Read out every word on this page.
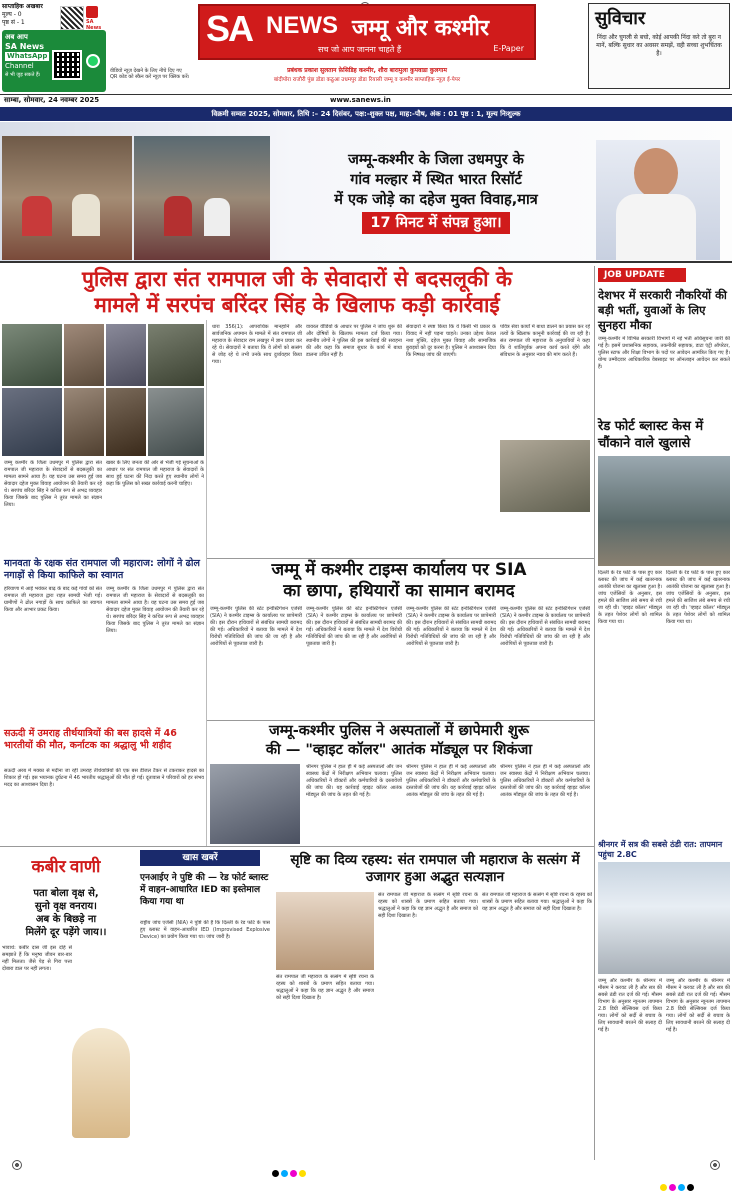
साप्ताहिक अखबार
मूल्य - 0
पृष्ठ सं - 1
अब आप
SA News
WhatsApp
Channel
से भी जुड़ सकते हैं।
SA News
वीडियो न्यूज़ देखने के लिए नीचे दिए गए QR कोड को स्कैन करें न्यूज़ पर क्लिक करें।
SA NEWS जम्मू और कश्मीर
सच जो आप जानना चाहते हैं	E-Paper
प्रबंधक प्रकाश सुलतान फ़ेसिडिह कश्मीर, शौरा बारामुला कुपवाडा कुलगाम
बांदीपोरा राजौरी पुंछ डोडा कठुआ उधमपुर डोडा रियासी जम्मू व कश्मीर साप्ताहिक न्यूज़ ई-पेपर
सुविचार
निंदा और चुगली से बचो, कोई आपकी निंदा करे तो बुरा न मानें, बल्कि सुधार का अवसर समझें, वही सच्चा शुभचिंतक है।
साम्बा, सोमवार, 24 नवम्बर 2025	www.sanews.in
विक्रमी सम्वत 2025, सोमवार, तिथि :– 24 दिसंबर, पक्ष:-शुक्ल पक्ष, माह:-पौष, अंक : 01 पृष्ठ : 1, मूल्य निःशुल्क
जम्मू-कश्मीर के जिला उधमपुर के
गांव मल्हार में स्थित भारत रिसॉर्ट
में एक जोड़े का दहेज मुक्त विवाह,मात्र
17 मिनट में संपन्न हुआ।
पुलिस द्वारा संत रामपाल जी के सेवादारों से बदसलूकी के
मामले में सरपंच बरिंदर सिंह के खिलाफ कड़ी कार्रवाई
जम्मू कश्मीर के जिला उधमपुर में पुलिस द्वारा संत रामपाल जी महाराज के सेवादारों से बदसलूकी का मामला सामने आया है। यह घटना उस समय हुई जब सेवादार दहेज मुक्त विवाह आयोजन की तैयारी कर रहे थे। सरपंच बरिंदर सिंह ने कथित रूप से अभद्र व्यवहार किया जिसके बाद पुलिस ने तुरंत मामले का संज्ञान लिया।
खबर के लिए जनता की ओर से भेजी गई सूचनाओं के आधार पर संत रामपाल जी महाराज के सेवादारों के साथ हुई घटना की निंदा करते हुए स्थानीय लोगों ने कहा कि पुलिस को सख्त कार्रवाई करनी चाहिए।
धारा 356(1): आपराधिक मानहानि और सार्वजनिक अपमान के मामले में संत रामपाल जी महाराज के सेवादार राम लखपुर में ज्ञान प्रचार कर रहे थे। सेवादारों ने बताया कि वे लोगों को सत्संग से जोड़ रहे थे तभी उनके साथ दुर्व्यवहार किया गया।
वायरल वीडियो के आधार पर पुलिस ने जांच शुरू की और दोषियों के खिलाफ मामला दर्ज किया गया। स्थानीय लोगों ने पुलिस की इस कार्रवाई की सराहना की और कहा कि समाज सुधार के कार्य में बाधा डालना उचित नहीं है।
सेवादारों ने स्पष्ट किया कि वे किसी भी प्रकार के विवाद में नहीं पड़ना चाहते। उनका उद्देश्य केवल नशा मुक्ति, दहेज मुक्त विवाह और सामाजिक बुराइयों को दूर करना है। पुलिस ने आश्वासन दिया कि निष्पक्ष जांच की जाएगी।
पवित्र सेवा कार्यों में बाधा डालने का प्रयास कर रहे तत्वों के खिलाफ कानूनी कार्रवाई की जा रही है। संत रामपाल जी महाराज के अनुयायियों ने कहा कि वे शांतिपूर्वक अपना कार्य करते रहेंगे और संविधान के अनुसार न्याय की मांग करते हैं।
मानवता के रक्षक संत रामपाल जी महाराज: लोगों ने ढोल नगाड़ों से किया काफिले का स्वागत
हरियाणा में आई भयंकर बाढ़ के बाद कई गांवों को संत रामपाल जी महाराज द्वारा राहत सामग्री भेजी गई। ग्रामीणों ने ढोल नगाड़ों के साथ काफिले का स्वागत किया और आभार प्रकट किया।
जम्मू कश्मीर के जिला उधमपुर में पुलिस द्वारा संत रामपाल जी महाराज के सेवादारों से बदसलूकी का मामला सामने आया है। यह घटना उस समय हुई जब सेवादार दहेज मुक्त विवाह आयोजन की तैयारी कर रहे थे। सरपंच बरिंदर सिंह ने कथित रूप से अभद्र व्यवहार किया जिसके बाद पुलिस ने तुरंत मामले का संज्ञान लिया।
जम्मू में कश्मीर टाइम्स कार्यालय पर SIA
का छापा, हथियारों का सामान बरामद
जम्मू-कश्मीर पुलिस की स्टेट इन्वेस्टिगेशन एजेंसी (SIA) ने कश्मीर टाइम्स के कार्यालय पर छापेमारी की। इस दौरान हथियारों से संबंधित सामग्री बरामद की गई। अधिकारियों ने बताया कि मामले में देश विरोधी गतिविधियों की जांच की जा रही है और आरोपियों से पूछताछ जारी है।
जम्मू-कश्मीर पुलिस की स्टेट इन्वेस्टिगेशन एजेंसी (SIA) ने कश्मीर टाइम्स के कार्यालय पर छापेमारी की। इस दौरान हथियारों से संबंधित सामग्री बरामद की गई। अधिकारियों ने बताया कि मामले में देश विरोधी गतिविधियों की जांच की जा रही है और आरोपियों से पूछताछ जारी है।
जम्मू-कश्मीर पुलिस की स्टेट इन्वेस्टिगेशन एजेंसी (SIA) ने कश्मीर टाइम्स के कार्यालय पर छापेमारी की। इस दौरान हथियारों से संबंधित सामग्री बरामद की गई। अधिकारियों ने बताया कि मामले में देश विरोधी गतिविधियों की जांच की जा रही है और आरोपियों से पूछताछ जारी है।
जम्मू-कश्मीर पुलिस की स्टेट इन्वेस्टिगेशन एजेंसी (SIA) ने कश्मीर टाइम्स के कार्यालय पर छापेमारी की। इस दौरान हथियारों से संबंधित सामग्री बरामद की गई। अधिकारियों ने बताया कि मामले में देश विरोधी गतिविधियों की जांच की जा रही है और आरोपियों से पूछताछ जारी है।
सऊदी में उमराह तीर्थयात्रियों की बस हादसे में 46 भारतीयों की मौत, कर्नाटक का श्रद्धालु भी शहीद
सऊदी अरब में मक्का से मदीना जा रही उमराह तीर्थयात्रियों की एक बस डीजल टैंकर से टकराकर हादसे का शिकार हो गई। इस भयानक दुर्घटना में 46 भारतीय श्रद्धालुओं की मौत हो गई। दूतावास ने परिवारों को हर संभव मदद का आश्वासन दिया है।
जम्मू-कश्मीर पुलिस ने अस्पतालों में छापेमारी शुरू
की — "व्हाइट कॉलर" आतंक मॉड्यूल पर शिकंजा
श्रीनगर पुलिस ने हाल ही में कई अस्पतालों और जन स्वास्थ्य केंद्रों में निरीक्षण अभियान चलाया। पुलिस अधिकारियों ने डॉक्टरों और कर्मचारियों के दस्तावेजों की जांच की। यह कार्रवाई व्हाइट कॉलर आतंक मॉड्यूल की जांच के तहत की गई है।
श्रीनगर पुलिस ने हाल ही में कई अस्पतालों और जन स्वास्थ्य केंद्रों में निरीक्षण अभियान चलाया। पुलिस अधिकारियों ने डॉक्टरों और कर्मचारियों के दस्तावेजों की जांच की। यह कार्रवाई व्हाइट कॉलर आतंक मॉड्यूल की जांच के तहत की गई है।
श्रीनगर पुलिस ने हाल ही में कई अस्पतालों और जन स्वास्थ्य केंद्रों में निरीक्षण अभियान चलाया। पुलिस अधिकारियों ने डॉक्टरों और कर्मचारियों के दस्तावेजों की जांच की। यह कार्रवाई व्हाइट कॉलर आतंक मॉड्यूल की जांच के तहत की गई है।
JOB UPDATE
देशभर में सरकारी नौकरियों की बड़ी भर्ती, युवाओं के लिए सुनहरा मौका
जम्मू-कश्मीर में विभिन्न सरकारी विभागों में नई भर्ती अधिसूचना जारी की गई है। इसमें प्रशासनिक सहायक, तकनीकी सहायक, डाटा एंट्री ऑपरेटर, पुलिस स्टाफ और शिक्षा विभाग के पदों पर आवेदन आमंत्रित किए गए हैं। योग्य उम्मीदवार आधिकारिक वेबसाइट पर ऑनलाइन आवेदन कर सकते हैं।
रेड फोर्ट ब्लास्ट केस में चौंकाने वाले खुलासे
दिल्ली के रेड फोर्ट के पास हुए कार ब्लास्ट की जांच में कई खतरनाक आतंकी योजना का खुलासा हुआ है। जांच एजेंसियों के अनुसार, इस हमले की साजिश लंबे समय से रची जा रही थी। 'व्हाइट कॉलर' मॉड्यूल के तहत पेशेवर लोगों को शामिल किया गया था।
दिल्ली के रेड फोर्ट के पास हुए कार ब्लास्ट की जांच में कई खतरनाक आतंकी योजना का खुलासा हुआ है। जांच एजेंसियों के अनुसार, इस हमले की साजिश लंबे समय से रची जा रही थी। 'व्हाइट कॉलर' मॉड्यूल के तहत पेशेवर लोगों को शामिल किया गया था।
श्रीनगर में सत्र की सबसे ठंडी रात: तापमान पहुंचा 2.8C
जम्मू और कश्मीर के श्रीनगर में मौसम ने करवट ली है और सत्र की सबसे ठंडी रात दर्ज की गई। मौसम विभाग के अनुसार न्यूनतम तापमान 2.8 डिग्री सेल्सियस दर्ज किया गया। लोगों को सर्दी से बचाव के लिए सावधानी बरतने की सलाह दी गई है।
जम्मू और कश्मीर के श्रीनगर में मौसम ने करवट ली है और सत्र की सबसे ठंडी रात दर्ज की गई। मौसम विभाग के अनुसार न्यूनतम तापमान 2.8 डिग्री सेल्सियस दर्ज किया गया। लोगों को सर्दी से बचाव के लिए सावधानी बरतने की सलाह दी गई है।
कबीर वाणी
पता बोला वृक्ष से,
सुनो वृक्ष वनराय।
अब के बिछड़े ना
मिलेंगे दूर पड़ेंगे जाय।।
भावार्थ: कबीर दास जी इस दोहे से समझाते हैं कि मनुष्य जीवन बार-बार नहीं मिलता। जैसे पेड़ से गिरा पत्ता दोबारा डाल पर नहीं लगता।
खास खबरें
एनआईए ने पुष्टि की — रेड फोर्ट ब्लास्ट में वाहन-आधारित IED का इस्तेमाल किया गया था
राष्ट्रीय जांच एजेंसी (NIA) ने पुष्टि की है कि दिल्ली के रेड फोर्ट के पास हुए ब्लास्ट में वाहन-आधारित IED (Improvised Explosive Device) का प्रयोग किया गया था। जांच जारी है।
सृष्टि का दिव्य रहस्य: संत रामपाल जी महाराज के सत्संग में उजागर हुआ अद्भुत सत्यज्ञान
संत रामपाल जी महाराज के सत्संग में सृष्टि रचना के रहस्य को शास्त्रों के प्रमाण सहित बताया गया। श्रद्धालुओं ने कहा कि यह ज्ञान अद्भुत है और समाज को सही दिशा दिखाता है।
संत रामपाल जी महाराज के सत्संग में सृष्टि रचना के रहस्य को शास्त्रों के प्रमाण सहित बताया गया। श्रद्धालुओं ने कहा कि यह ज्ञान अद्भुत है और समाज को सही दिशा दिखाता है।
संत रामपाल जी महाराज के सत्संग में सृष्टि रचना के रहस्य को शास्त्रों के प्रमाण सहित बताया गया। श्रद्धालुओं ने कहा कि यह ज्ञान अद्भुत है और समाज को सही दिशा दिखाता है।
